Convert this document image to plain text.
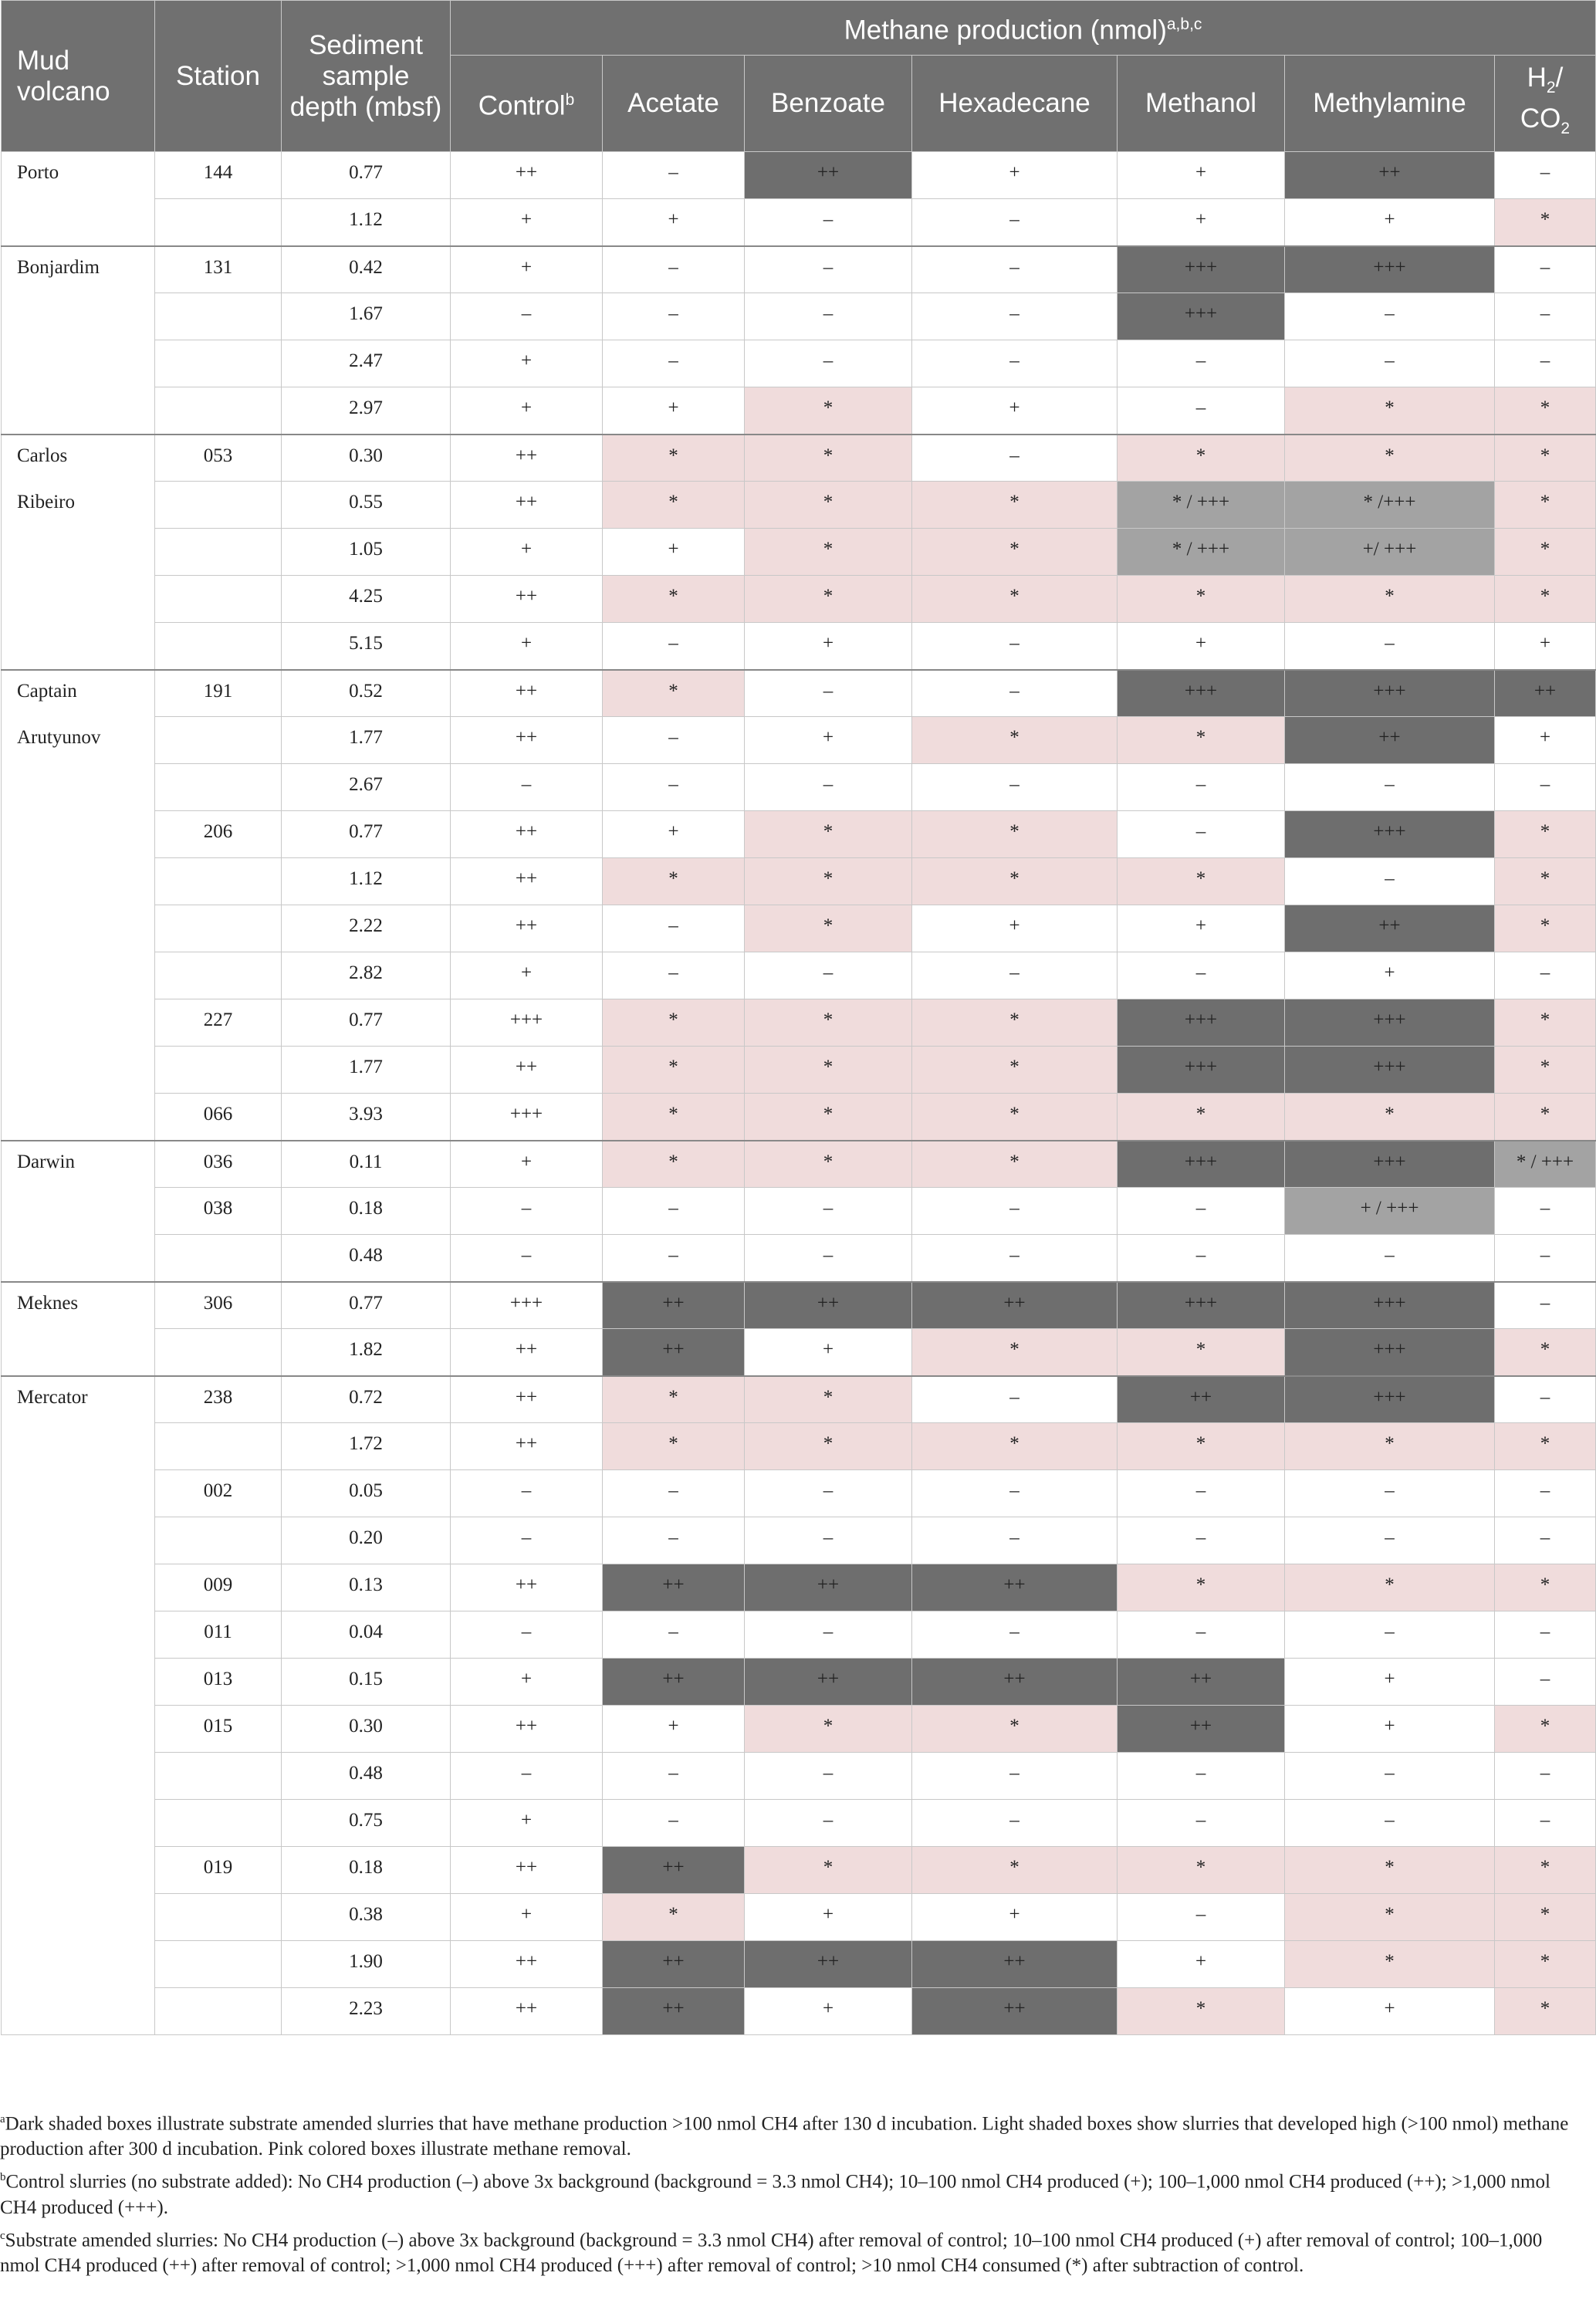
Mud volcano	Station	Sediment sample depth (mbsf)	Methane production (nmol)$^{a,b,c}$
			Control$^b$	Acetate	Benzoate	Hexadecane	Methanol	Methylamine	$H_2/$
$CO_2$
Porto	144	0.77	++	–	++	+	+	++	–
		1.12	+	+	–	–	+	+	*
Bonjardim	131	0.42	+	–	–	–	+++	+++	–
		1.67	–	–	–	–	+++	–	–
		2.47	+	–	–	–	–	–	–
		2.97	+	+	*	+	–	*	*
Carlos	053	0.30	++	*	*	–	*	*	*
Ribeiro		0.55	++	*	*	*	* / +++	* /+++	*
		1.05	+	+	*	*	* / +++	+/ +++	*
		4.25	++	*	*	*	*	*	*
		5.15	+	–	+	–	+	–	+
Captain	191	0.52	++	*	–	–	+++	+++	++
Arutyunov		1.77	++	–	+	*	*	++	+
		2.67	–	–	–	–	–	–	–
	206	0.77	++	+	*	*	–	+++	*
		1.12	++	*	*	*	*	–	*
		2.22	++	–	*	+	+	++	*
		2.82	+	–	–	–	–	+	–
	227	0.77	+++	*	*	*	+++	+++	*
		1.77	++	*	*	*	+++	+++	*
	066	3.93	+++	*	*	*	*	*	*
Darwin	036	0.11	+	*	*	*	+++	+++	* / +++
	038	0.18	–	–	–	–	–	+ / +++	–
		0.48	–	–	–	–	–	–	–
Meknes	306	0.77	+++	++	++	++	+++	+++	–
		1.82	++	++	+	*	*	+++	*
Mercator	238	0.72	++	*	*	–	++	+++	–
		1.72	++	*	*	*	*	*	*
	002	0.05	–	–	–	–	–	–	–
		0.20	–	–	–	–	–	–	–
	009	0.13	++	++	++	++	*	*	*
	011	0.04	–	–	–	–	–	–	–
	013	0.15	+	++	++	++	++	+	–
	015	0.30	++	+	*	*	++	+	*
		0.48	–	–	–	–	–	–	–
		0.75	+	–	–	–	–	–	–
	019	0.18	++	++	*	*	*	*	*
		0.38	+	*	+	+	–	*	*
		1.90	++	++	++	++	+	*	*
		2.23	++	++	+	++	*	+	*

$^a$Dark shaded boxes illustrate substrate amended slurries that have methane production >100 nmol CH4 after 130 d incubation. Light shaded boxes show slurries that developed high (>100 nmol) methane production after 300 d incubation. Pink colored boxes illustrate methane removal.

$^b$Control slurries (no substrate added): No CH4 production (–) above 3x background (background = 3.3 nmol CH4); 10–100 nmol CH4 produced (+); 100–1,000 nmol CH4 produced (++); >1,000 nmol CH4 produced (+++).

$^c$Substrate amended slurries: No CH4 production (–) above 3x background (background = 3.3 nmol CH4) after removal of control; 10–100 nmol CH4 produced (+) after removal of control; 100–1,000 nmol CH4 produced (++) after removal of control; >1,000 nmol CH4 produced (+++) after removal of control; >10 nmol CH4 consumed (*) after subtraction of control.
